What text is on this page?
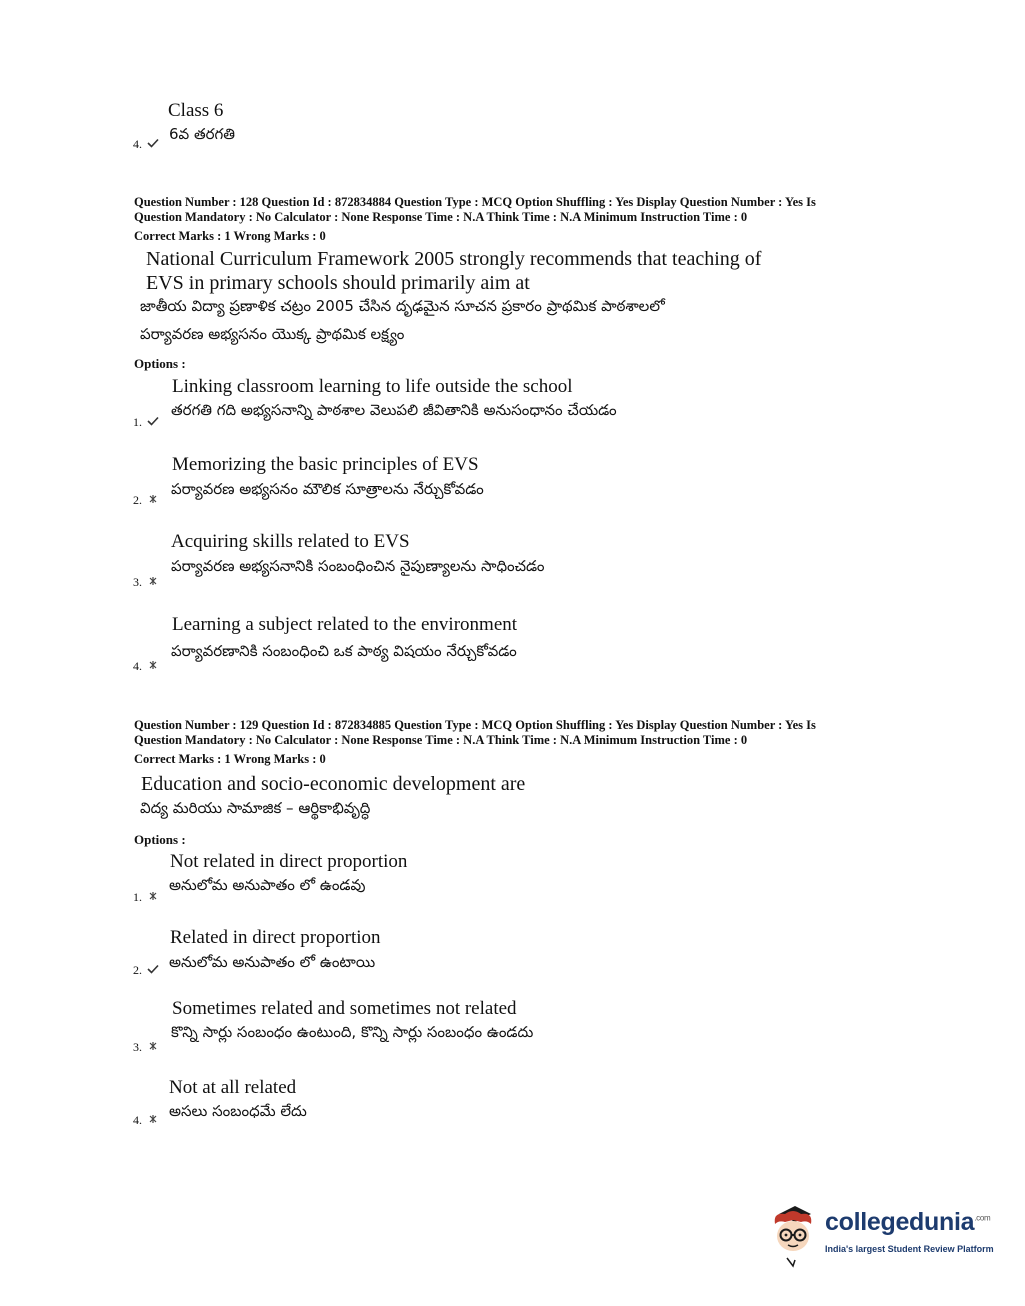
Class 6
6వ తరగతి
4.
Question Number : 128 Question Id : 872834884 Question Type : MCQ Option Shuffling : Yes Display Question Number : Yes Is
Question Mandatory : No Calculator : None Response Time : N.A Think Time : N.A Minimum Instruction Time : 0
Correct Marks : 1 Wrong Marks : 0
National Curriculum Framework 2005 strongly recommends that teaching of
EVS in primary schools should primarily aim at
జాతీయ విద్యా ప్రణాళిక చట్రం 2005 చేసిన దృఢమైన సూచన ప్రకారం ప్రాథమిక పాఠశాలలో
పర్యావరణ అభ్యసనం యొక్క ప్రాథమిక లక్ష్యం
Options :
Linking classroom learning to life outside the school
తరగతి గది అభ్యసనాన్ని పాఠశాల వెలుపలి జీవితానికి అనుసంధానం చేయడం
1.
Memorizing the basic principles of EVS
పర్యావరణ అభ్యసనం మౌలిక సూత్రాలను నేర్చుకోవడం
2.
Acquiring skills related to EVS
పర్యావరణ అభ్యసనానికి సంబంధించిన నైపుణ్యాలను సాధించడం
3.
Learning a subject related to the environment
పర్యావరణానికి సంబంధించి ఒక పాఠ్య విషయం నేర్చుకోవడం
4.
Question Number : 129 Question Id : 872834885 Question Type : MCQ Option Shuffling : Yes Display Question Number : Yes Is
Question Mandatory : No Calculator : None Response Time : N.A Think Time : N.A Minimum Instruction Time : 0
Correct Marks : 1 Wrong Marks : 0
Education and socio-economic development are
విద్య మరియు సామాజిక – ఆర్థికాభివృద్ధి
Options :
Not related in direct proportion
అనులోమ అనుపాతం లో ఉండవు
1.
Related in direct proportion
అనులోమ అనుపాతం లో ఉంటాయి
2.
Sometimes related and sometimes not related
కొన్ని సార్లు సంబంధం ఉంటుంది, కొన్ని సార్లు సంబంధం ఉండదు
3.
Not at all related
అసలు సంబంధమే లేదు
4.
collegedunia$^{.com}$
India's largest Student Review Platform
